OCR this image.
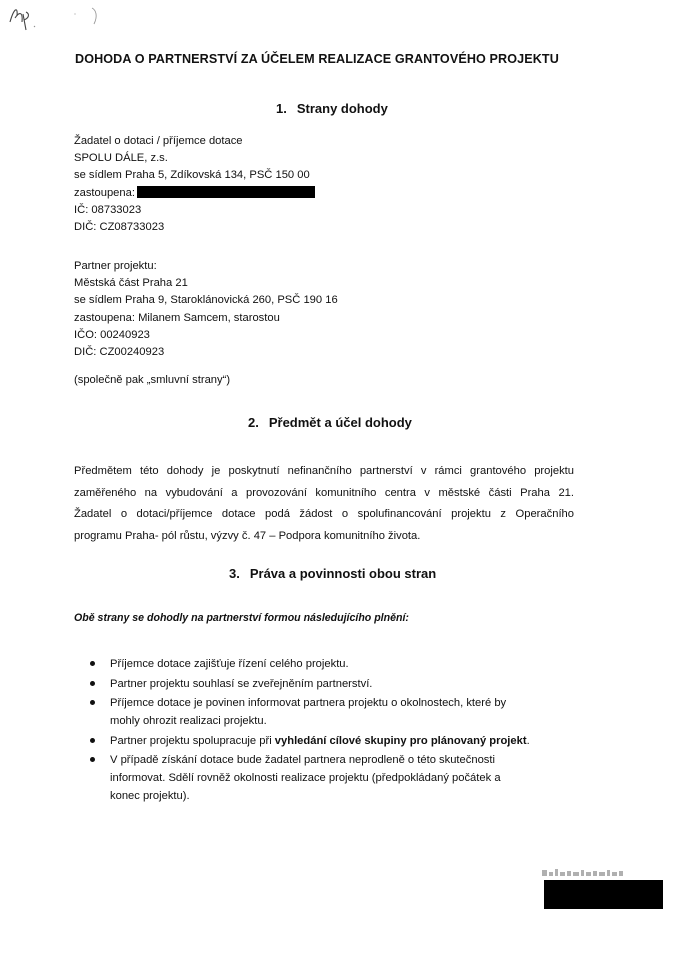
DOHODA O PARTNERSTVÍ ZA ÚČELEM REALIZACE GRANTOVÉHO PROJEKTU
1. Strany dohody
Žadatel o dotaci / příjemce dotace
SPOLU DÁLE, z.s.
se sídlem Praha 5, Zdíkovská 134, PSČ 150 00
zastoupena:
IČ: 08733023
DIČ: CZ08733023
Partner projektu:
Městská část Praha 21
se sídlem Praha 9, Staroklánovická 260, PSČ 190 16
zastoupena: Milanem Samcem, starostou
IČO: 00240923
DIČ: CZ00240923
(společně pak „smluvní strany“)
2. Předmět a účel dohody
Předmětem této dohody je poskytnutí nefinančního partnerství v rámci grantového projektu
zaměřeného na vybudování a provozování komunitního centra v městské části Praha 21.
Žadatel o dotaci/příjemce dotace podá žádost o spolufinancování projektu z Operačního
programu Praha- pól růstu, výzvy č. 47 – Podpora komunitního života.
3. Práva a povinnosti obou stran
Obě strany se dohodly na partnerství formou následujícího plnění:
Příjemce dotace zajišťuje řízení celého projektu.
Partner projektu souhlasí se zveřejněním partnerství.
Příjemce dotace je povinen informovat partnera projektu o okolnostech, které by
mohly ohrozit realizaci projektu.
Partner projektu spolupracuje při vyhledání cílové skupiny pro plánovaný projekt.
V případě získání dotace bude žadatel partnera neprodleně o této skutečnosti
informovat. Sdělí rovněž okolnosti realizace projektu (předpokládaný počátek a
konec projektu).
